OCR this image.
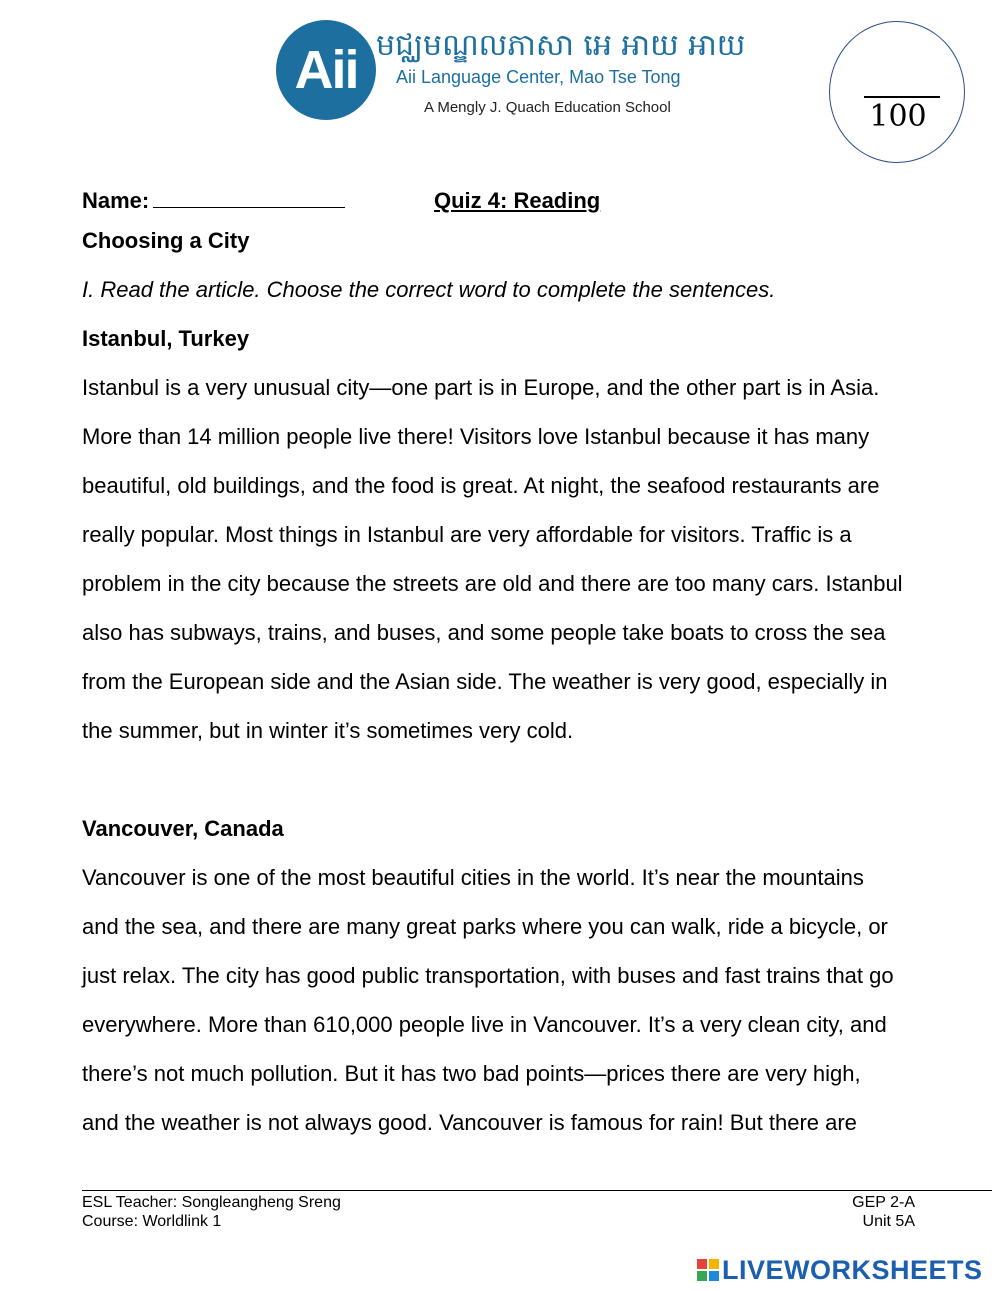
Aii មជ្ឈមណ្ឌលភាសា អេ អាយ អាយ
Aii Language Center, Mao Tse Tong
A Mengly J. Quach Education School	100
Name:	Quiz 4: Reading

Choosing a City

I. Read the article. Choose the correct word to complete the sentences.

Istanbul, Turkey

Istanbul is a very unusual city—one part is in Europe, and the other part is in Asia.

More than 14 million people live there! Visitors love Istanbul because it has many

beautiful, old buildings, and the food is great. At night, the seafood restaurants are

really popular. Most things in Istanbul are very affordable for visitors. Traffic is a

problem in the city because the streets are old and there are too many cars. Istanbul

also has subways, trains, and buses, and some people take boats to cross the sea

from the European side and the Asian side. The weather is very good, especially in

the summer, but in winter it’s sometimes very cold.

Vancouver, Canada

Vancouver is one of the most beautiful cities in the world. It’s near the mountains

and the sea, and there are many great parks where you can walk, ride a bicycle, or

just relax. The city has good public transportation, with buses and fast trains that go

everywhere. More than 610,000 people live in Vancouver. It’s a very clean city, and

there’s not much pollution. But it has two bad points—prices there are very high,

and the weather is not always good. Vancouver is famous for rain! But there are

ESL Teacher: Songleangheng Sreng
Course: Worldlink 1
GEP 2-A
Unit 5A
LIVEWORKSHEETS
